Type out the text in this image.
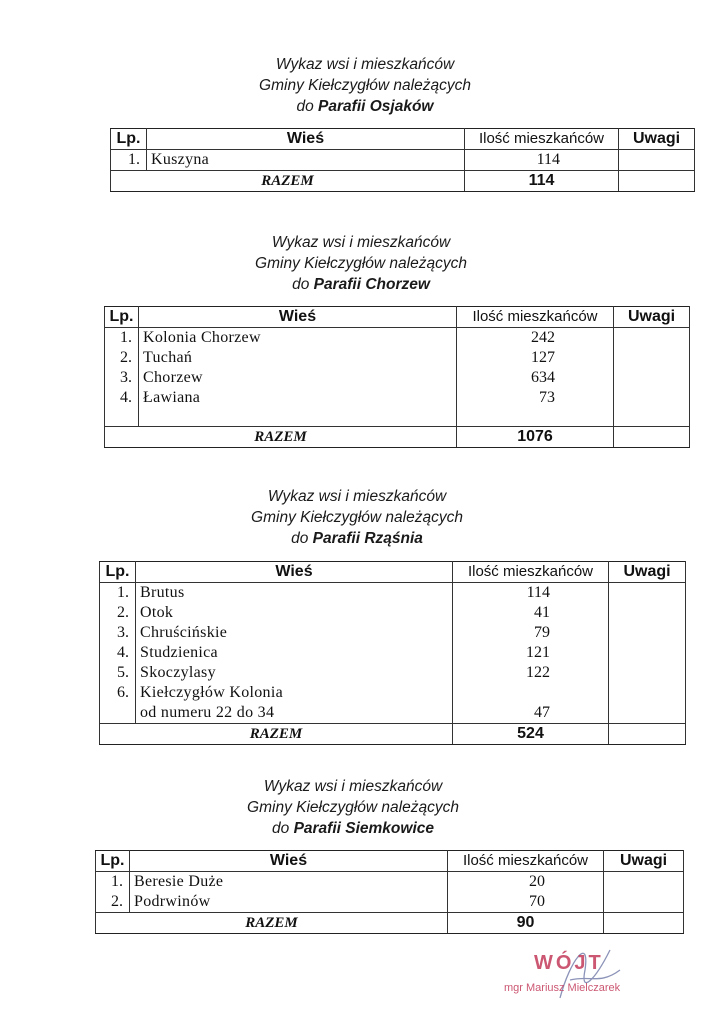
Wykaz wsi i mieszkańców
Gminy Kiełczygłów należących
do Parafii Osjaków
Lp.	Wieś	Ilość mieszkańców	Uwagi
1.	Kuszyna	114	
RAZEM		114	
Wykaz wsi i mieszkańców
Gminy Kiełczygłów należących
do Parafii Chorzew
Lp.	Wieś	Ilość mieszkańców	Uwagi
1.	Kolonia Chorzew	242	
2.	Tuchań	127	
3.	Chorzew	634	
4.	Ławiana	73	

RAZEM		1076	
Wykaz wsi i mieszkańców
Gminy Kiełczygłów należących
do Parafii Rząśnia
Lp.	Wieś	Ilość mieszkańców	Uwagi
1.	Brutus	114	
2.	Otok	41	
3.	Chruścińskie	79	
4.	Studzienica	121	
5.	Skoczylasy	122	
6.	Kiełczygłów Kolonia		
	od numeru 22 do 34	47	
RAZEM		524	
Wykaz wsi i mieszkańców
Gminy Kiełczygłów należących
do Parafii Siemkowice
Lp.	Wieś	Ilość mieszkańców	Uwagi
1.	Beresie Duże	20	
2.	Podrwinów	70	
RAZEM		90	
WÓJT
mgr Mariusz Mielczarek
